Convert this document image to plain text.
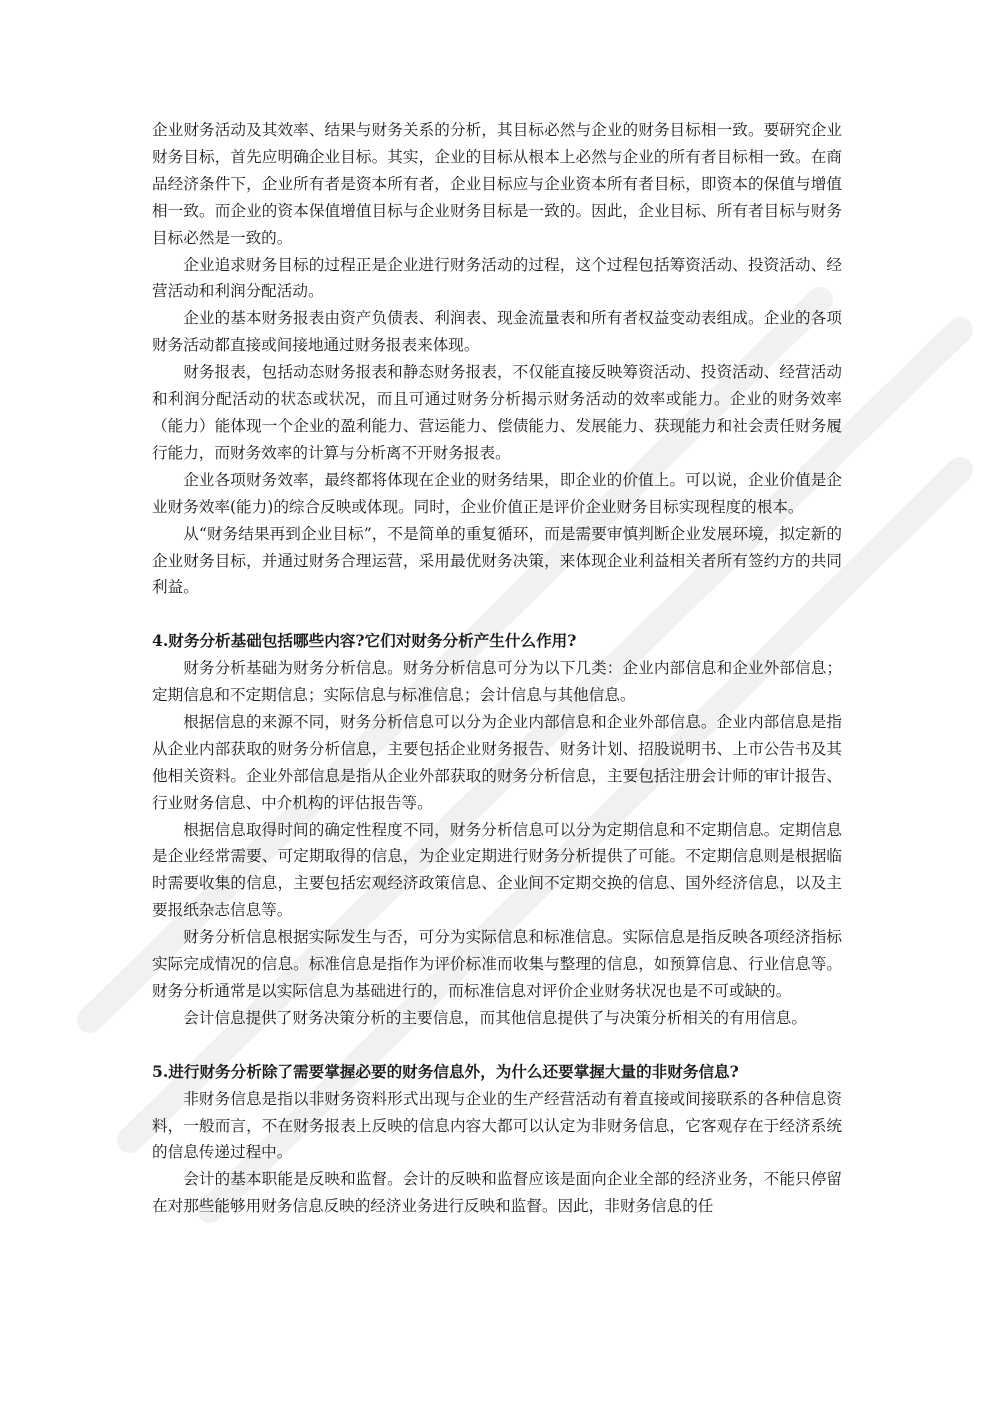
企业财务活动及其效率、结果与财务关系的分析，其目标必然与企业的财务目标相一致。要研究企业财务目标，首先应明确企业目标。其实，企业的目标从根本上必然与企业的所有者目标相一致。在商品经济条件下，企业所有者是资本所有者，企业目标应与企业资本所有者目标，即资本的保值与增值相一致。而企业的资本保值增值目标与企业财务目标是一致的。因此，企业目标、所有者目标与财务目标必然是一致的。

企业追求财务目标的过程正是企业进行财务活动的过程，这个过程包括筹资活动、投资活动、经营活动和利润分配活动。

企业的基本财务报表由资产负债表、利润表、现金流量表和所有者权益变动表组成。企业的各项财务活动都直接或间接地通过财务报表来体现。

财务报表，包括动态财务报表和静态财务报表，不仅能直接反映筹资活动、投资活动、经营活动和利润分配活动的状态或状况，而且可通过财务分析揭示财务活动的效率或能力。企业的财务效率（能力）能体现一个企业的盈利能力、营运能力、偿债能力、发展能力、获现能力和社会责任财务履行能力，而财务效率的计算与分析离不开财务报表。

企业各项财务效率，最终都将体现在企业的财务结果，即企业的价值上。可以说，企业价值是企业财务效率(能力)的综合反映或体现。同时，企业价值正是评价企业财务目标实现程度的根本。

从“财务结果再到企业目标”，不是简单的重复循环，而是需要审慎判断企业发展环境，拟定新的企业财务目标，并通过财务合理运营，采用最优财务决策，来体现企业利益相关者所有签约方的共同利益。

4.财务分析基础包括哪些内容?它们对财务分析产生什么作用?

财务分析基础为财务分析信息。财务分析信息可分为以下几类：企业内部信息和企业外部信息；定期信息和不定期信息；实际信息与标准信息；会计信息与其他信息。

根据信息的来源不同，财务分析信息可以分为企业内部信息和企业外部信息。企业内部信息是指从企业内部获取的财务分析信息，主要包括企业财务报告、财务计划、招股说明书、上市公告书及其他相关资料。企业外部信息是指从企业外部获取的财务分析信息，主要包括注册会计师的审计报告、行业财务信息、中介机构的评估报告等。

根据信息取得时间的确定性程度不同，财务分析信息可以分为定期信息和不定期信息。定期信息是企业经常需要、可定期取得的信息，为企业定期进行财务分析提供了可能。不定期信息则是根据临时需要收集的信息，主要包括宏观经济政策信息、企业间不定期交换的信息、国外经济信息，以及主要报纸杂志信息等。

财务分析信息根据实际发生与否，可分为实际信息和标准信息。实际信息是指反映各项经济指标实际完成情况的信息。标准信息是指作为评价标准而收集与整理的信息，如预算信息、行业信息等。财务分析通常是以实际信息为基础进行的，而标准信息对评价企业财务状况也是不可或缺的。

会计信息提供了财务决策分析的主要信息，而其他信息提供了与决策分析相关的有用信息。

5.进行财务分析除了需要掌握必要的财务信息外，为什么还要掌握大量的非财务信息?

非财务信息是指以非财务资料形式出现与企业的生产经营活动有着直接或间接联系的各种信息资料，一般而言，不在财务报表上反映的信息内容大都可以认定为非财务信息，它客观存在于经济系统的信息传递过程中。

会计的基本职能是反映和监督。会计的反映和监督应该是面向企业全部的经济业务，不能只停留在对那些能够用财务信息反映的经济业务进行反映和监督。因此，非财务信息的任
